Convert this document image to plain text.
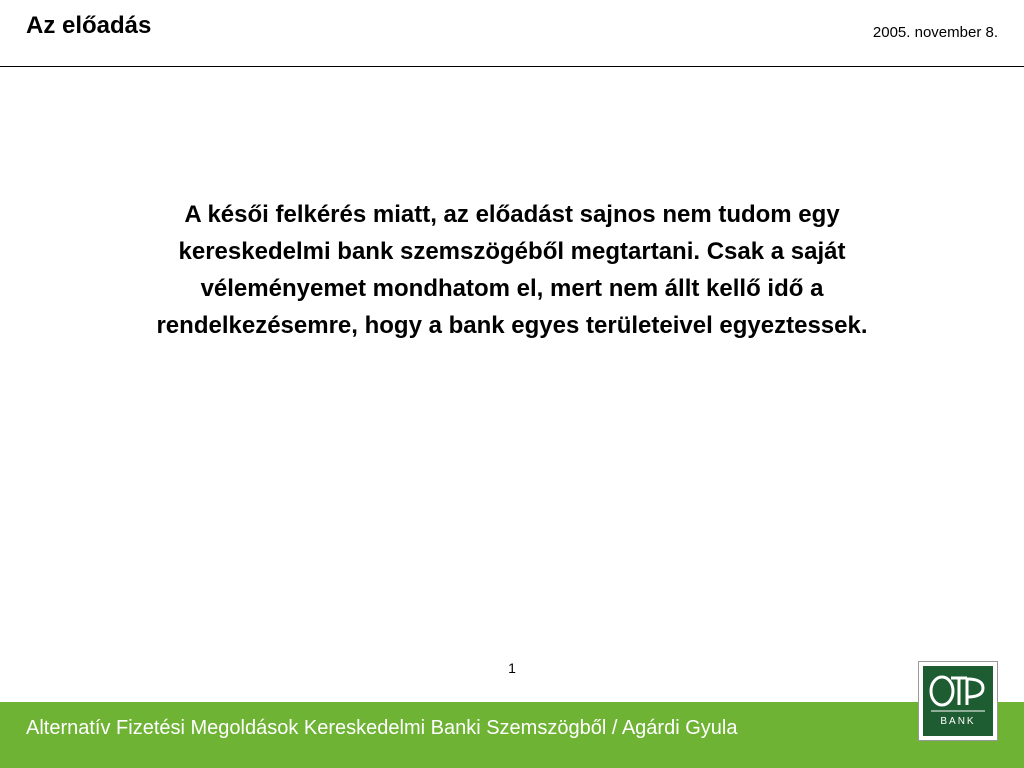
Az előadás	2005. november 8.
A késői felkérés miatt, az előadást sajnos nem tudom egy kereskedelmi bank szemszögéből megtartani. Csak a saját véleményemet mondhatom el, mert nem állt kellő idő a rendelkezésemre, hogy a bank egyes területeivel egyeztessek.
1
Alternatív Fizetési Megoldások Kereskedelmi Banki Szemszögből / Agárdi Gyula	BANK
